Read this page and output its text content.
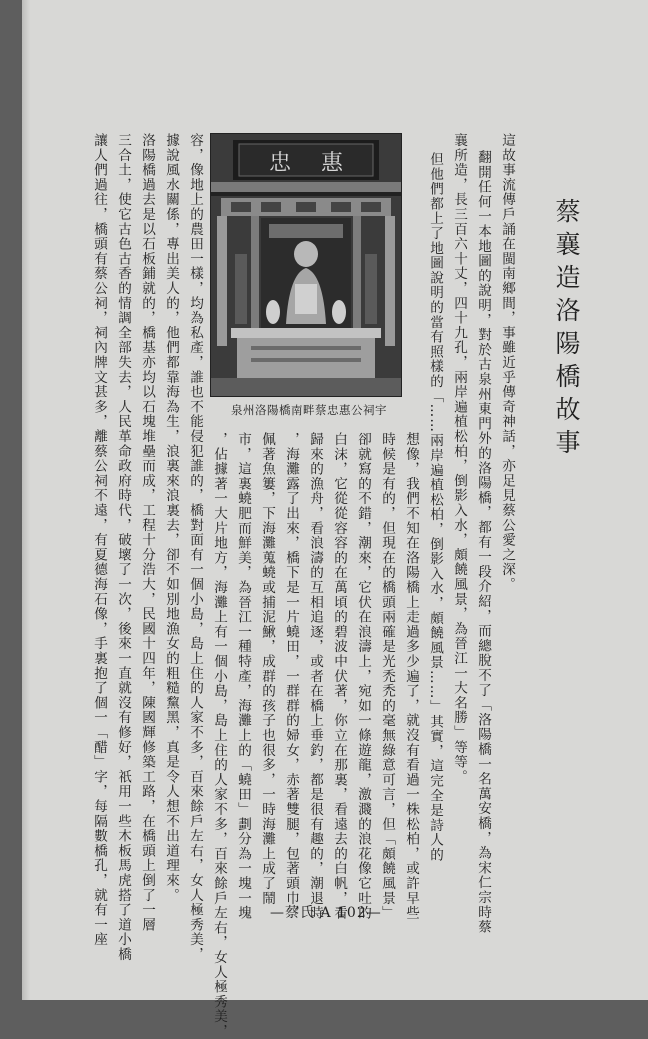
蔡襄造洛陽橋故事
這故事流傳戶誦在閩南鄉間，事雖近乎傳奇神話，亦足見蔡公愛之深。
翻開任何一本地圖的說明，對於古泉州東門外的洛陽橋，都有一段介紹，而總脫不了「洛陽橋一名萬安橋，為宋仁宗時蔡
襄所造，長三百六十丈，四十九孔，兩岸遍植松柏，倒影入水，頗饒風景，為晉江一大名勝」等等。
但他們都上了地圖說明的當有照樣的「……兩岸遍植松柏，倒影入水，頗饒風景……」其實，這完全是詩人的
想像，我們不知在洛陽橋上走過多少遍了，就沒有看過一株松柏，或許早些
時候是有的，但現在的橋頭兩確是光禿禿的毫無綠意可言，但「頗饒風景」
卻就寫的不錯，潮來，它伏在浪濤上，宛如一條遊龍，激濺的浪花像它吐的
白沫，它從從容容的在萬頃的碧波中伏著，你立在那裏，看遠去的白帆，看
歸來的漁舟，看浪濤的互相追逐，或者在橋上垂釣，都是很有趣的，潮退時
，海灘露了出來，橋下是一片蟯田，一群群的婦女，赤著雙腿，包著頭巾，
佩著魚簍，下海灘蒐蟯或捕泥鰍，成群的孩子也很多，一時海灘上成了鬧
市，這裏蟯肥而鮮美，為晉江一種特產，海灘上的「蟯田」劃分為一塊一塊
，佔據著一大片地方，海灘上有一個小島，島上住的人家不多，百來餘戶左右，女人極秀美，
容，像地上的農田一樣，均為私產，誰也不能侵犯誰的，橋對面有一個小島，島上住的人家不多，百來餘戶左右，女人極秀美，
據說風水關係，專出美人的，他們都靠海為生，浪裏來浪裏去，卻不如別地漁女的粗糙黧黑，真是令人想不出道理來。
洛陽橋過去是以石板鋪就的，橋基亦均以石塊堆壘而成，工程十分浩大，民國十四年，陳國輝修築工路，在橋頭上倒了一層
三合土，使它古色古香的情調全部失去，人民革命政府時代，破壞了一次，後來一直就沒有修好，祇用一些木板馬虎搭了道小橋
讓人們過往，橋頭有蔡公祠，祠內牌文甚多，離蔡公祠不遠，有夏德海石像，手裏抱了個一「醋」字，每隔數橋孔，就有一座	忠 惠
泉州洛陽橋南畔蔡忠惠公祠宇
—蔡氏 A 102—
